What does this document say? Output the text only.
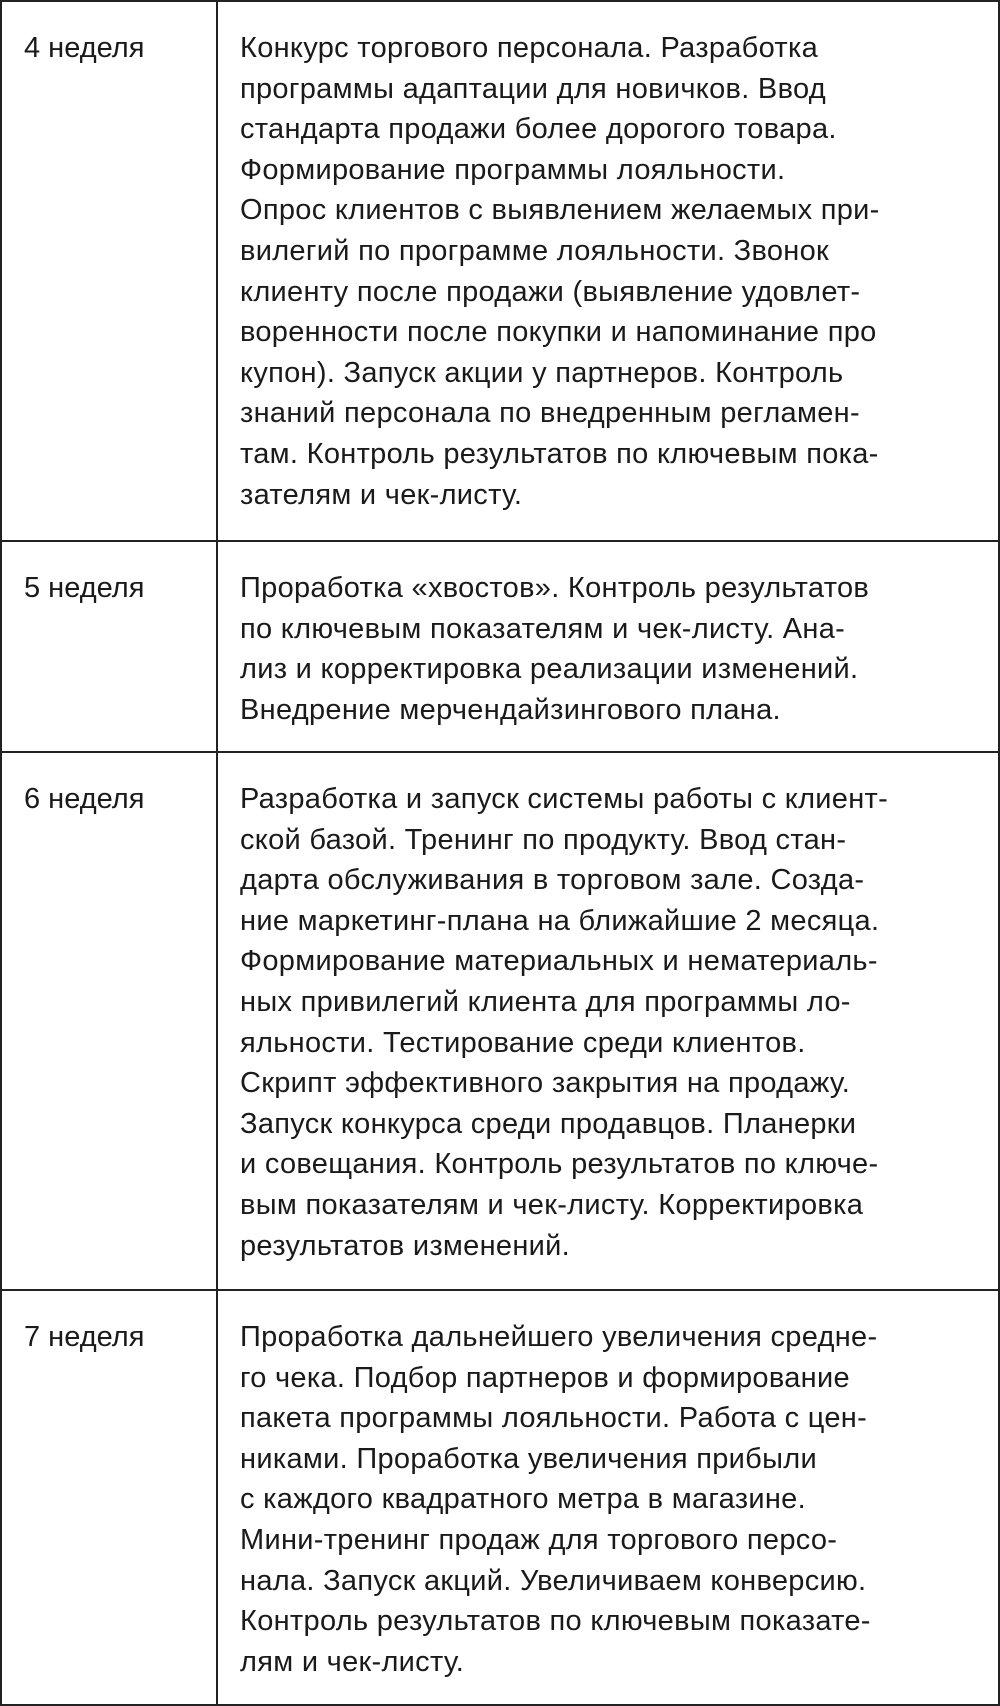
4 неделя	Конкурс торгового персонала. Разработка
программы адаптации для новичков. Ввод
стандарта продажи более дорогого товара.
Формирование программы лояльности.
Опрос клиентов с выявлением желаемых при-
вилегий по программе лояльности. Звонок
клиенту после продажи (выявление удовлет-
воренности после покупки и напоминание про
купон). Запуск акции у партнеров. Контроль
знаний персонала по внедренным регламен-
там. Контроль результатов по ключевым пока-
зателям и чек-листу.
5 неделя	Проработка «хвостов». Контроль результатов
по ключевым показателям и чек-листу. Ана-
лиз и корректировка реализации изменений.
Внедрение мерчендайзингового плана.
6 неделя	Разработка и запуск системы работы с клиент-
ской базой. Тренинг по продукту. Ввод стан-
дарта обслуживания в торговом зале. Созда-
ние маркетинг-плана на ближайшие 2 месяца.
Формирование материальных и нематериаль-
ных привилегий клиента для программы ло-
яльности. Тестирование среди клиентов.
Скрипт эффективного закрытия на продажу.
Запуск конкурса среди продавцов. Планерки
и совещания. Контроль результатов по ключе-
вым показателям и чек-листу. Корректировка
результатов изменений.
7 неделя	Проработка дальнейшего увеличения средне-
го чека. Подбор партнеров и формирование
пакета программы лояльности. Работа с цен-
никами. Проработка увеличения прибыли
с каждого квадратного метра в магазине.
Мини-тренинг продаж для торгового персо-
нала. Запуск акций. Увеличиваем конверсию.
Контроль результатов по ключевым показате-
лям и чек-листу.
